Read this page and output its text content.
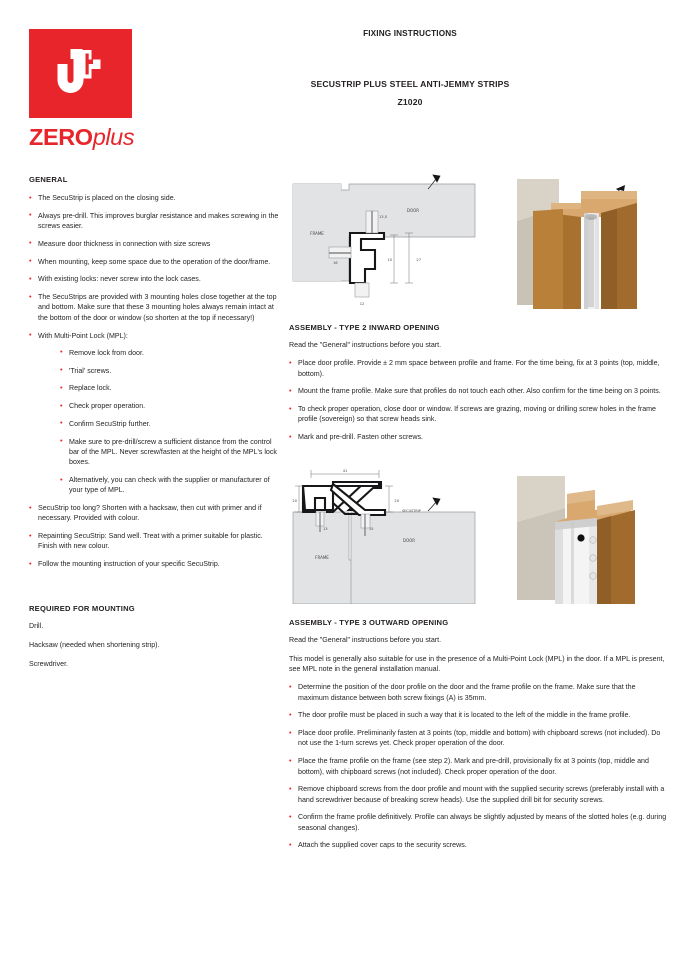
ZEROplus
FIXING INSTRUCTIONS
SECUSTRIP PLUS STEEL ANTI-JEMMY STRIPS
Z1020
GENERAL
• The SecuStrip is placed on the closing side.
• Always pre-drill. This improves burglar resistance and makes screwing in the screws easier.
• Measure door thickness in connection with size screws
• When mounting, keep some space due to the operation of the door/frame.
• With existing locks: never screw into the lock cases.
• The SecuStrips are provided with 3 mounting holes close together at the top and bottom. Make sure that these 3 mounting holes always remain intact at the bottom of the door or window (so shorten at the top if necessary!)
• With Multi-Point Lock (MPL):
• Remove lock from door.
• 'Trial' screws.
• Replace lock.
• Check proper operation.
• Confirm SecuStrip further.
• Make sure to pre-drill/screw a sufficient distance from the control bar of the MPL. Never screw/fasten at the height of the MPL's lock boxes.
• Alternatively, you can check with the supplier or manufacturer of your type of MPL.
• SecuStrip too long? Shorten with a hacksaw, then cut with primer and if necessary. Provided with colour.
• Repainting SecuStrip: Sand well. Treat with a primer suitable for plastic. Finish with new colour.
• Follow the mounting instruction of your specific SecuStrip.
REQUIRED FOR MOUNTING

Drill.

Hacksaw (needed when shortening strip).

Screwdriver.

FRAME
DOOR
13,5
16
12
10	27
ASSEMBLY - TYPE 2 INWARD OPENING

Read the "General" instructions before you start.

• Place door profile. Provide ± 2 mm space between profile and frame. For the time being, fix at 3 points (top, middle, bottom).
• Mount the frame profile. Make sure that profiles do not touch each other. Also confirm for the time being on 3 points.
• To check proper operation, close door or window. If screws are grazing, moving or drilling screw holes in the frame profile (sovereign) so that screw heads sink.
• Mark and pre-drill. Fasten other screws.
FRAME
DOOR
41
20	20
13	15
SECUSTRIP
ASSEMBLY - TYPE 3 OUTWARD OPENING

Read the "General" instructions before you start.

This model is generally also suitable for use in the presence of a Multi-Point Lock (MPL) in the door. If a MPL is present, see MPL note in the general installation manual.

• Determine the position of the door profile on the door and the frame profile on the frame. Make sure that the maximum distance between both screw fixings (A) is 35mm.
• The door profile must be placed in such a way that it is located to the left of the middle in the frame profile.
• Place door profile. Preliminarily fasten at 3 points (top, middle and bottom) with chipboard screws (not included). Do not use the 1-turn screws yet. Check proper operation of the door.
• Place the frame profile on the frame (see step 2). Mark and pre-drill, provisionally fix at 3 points (top, middle and bottom), with chipboard screws (not included). Check proper operation of the door.
• Remove chipboard screws from the door profile and mount with the supplied security screws (preferably install with a hand screwdriver because of breaking screw heads). Use the supplied drill bit for security screws.
• Confirm the frame profile definitively. Profile can always be slightly adjusted by means of the slotted holes (e.g. during seasonal changes).
• Attach the supplied cover caps to the security screws.
